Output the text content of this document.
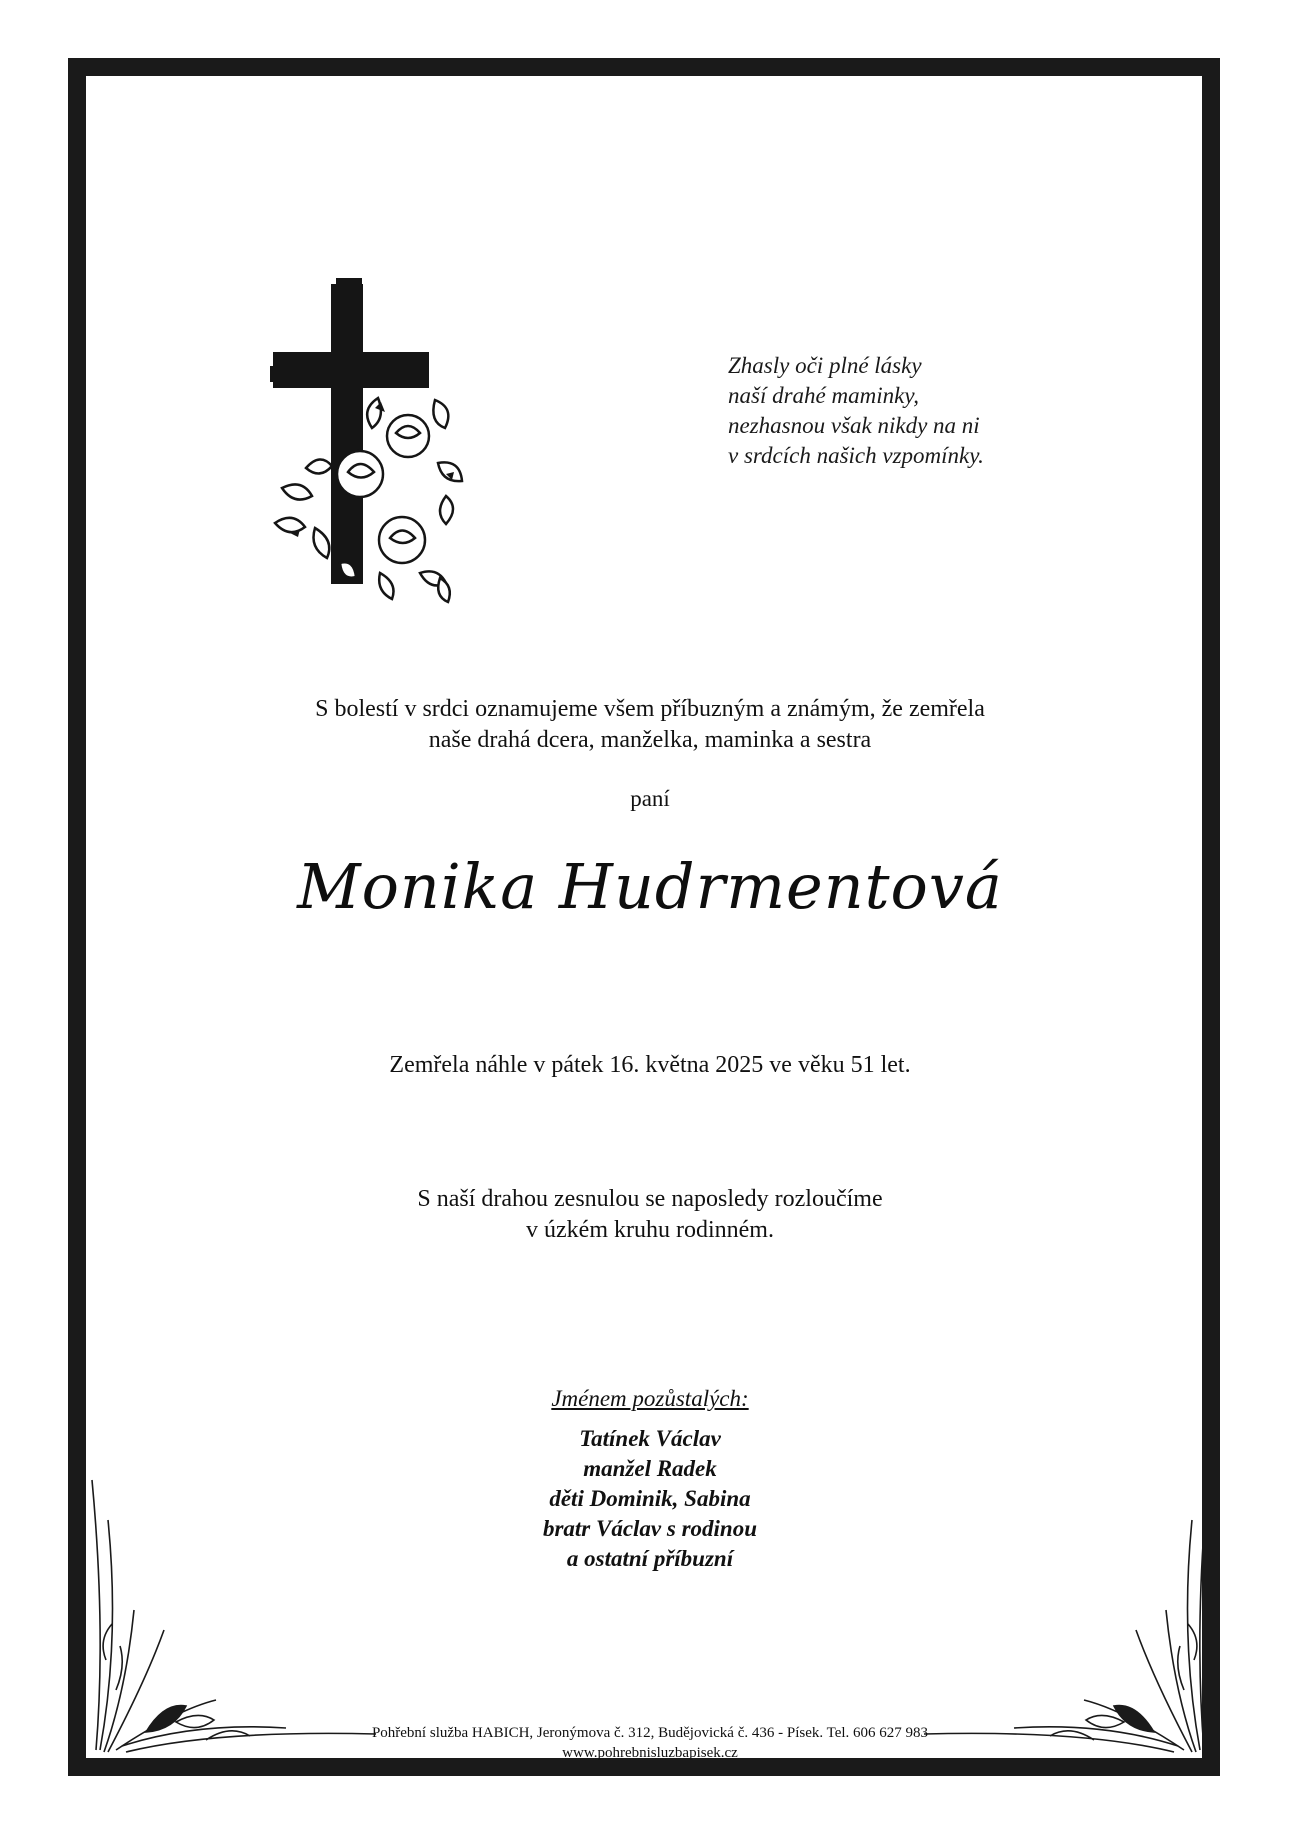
Zhasly oči plné lásky
naší drahé maminky,
nezhasnou však nikdy na ni
v srdcích našich vzpomínky.
S bolestí v srdci oznamujeme všem příbuzným a známým, že zemřela
naše drahá dcera, manželka, maminka a sestra
paní
Monika Hudrmentová
Zemřela náhle v pátek 16. května 2025 ve věku 51 let.
S naší drahou zesnulou se naposledy rozloučíme
v úzkém kruhu rodinném.
Jménem pozůstalých:
Tatínek Václav
manžel Radek
děti Dominik, Sabina
bratr Václav s rodinou
a ostatní příbuzní
Pohřební služba HABICH, Jeronýmova č. 312, Budějovická č. 436 - Písek. Tel. 606 627 983
www.pohrebnisluzbapisek.cz
